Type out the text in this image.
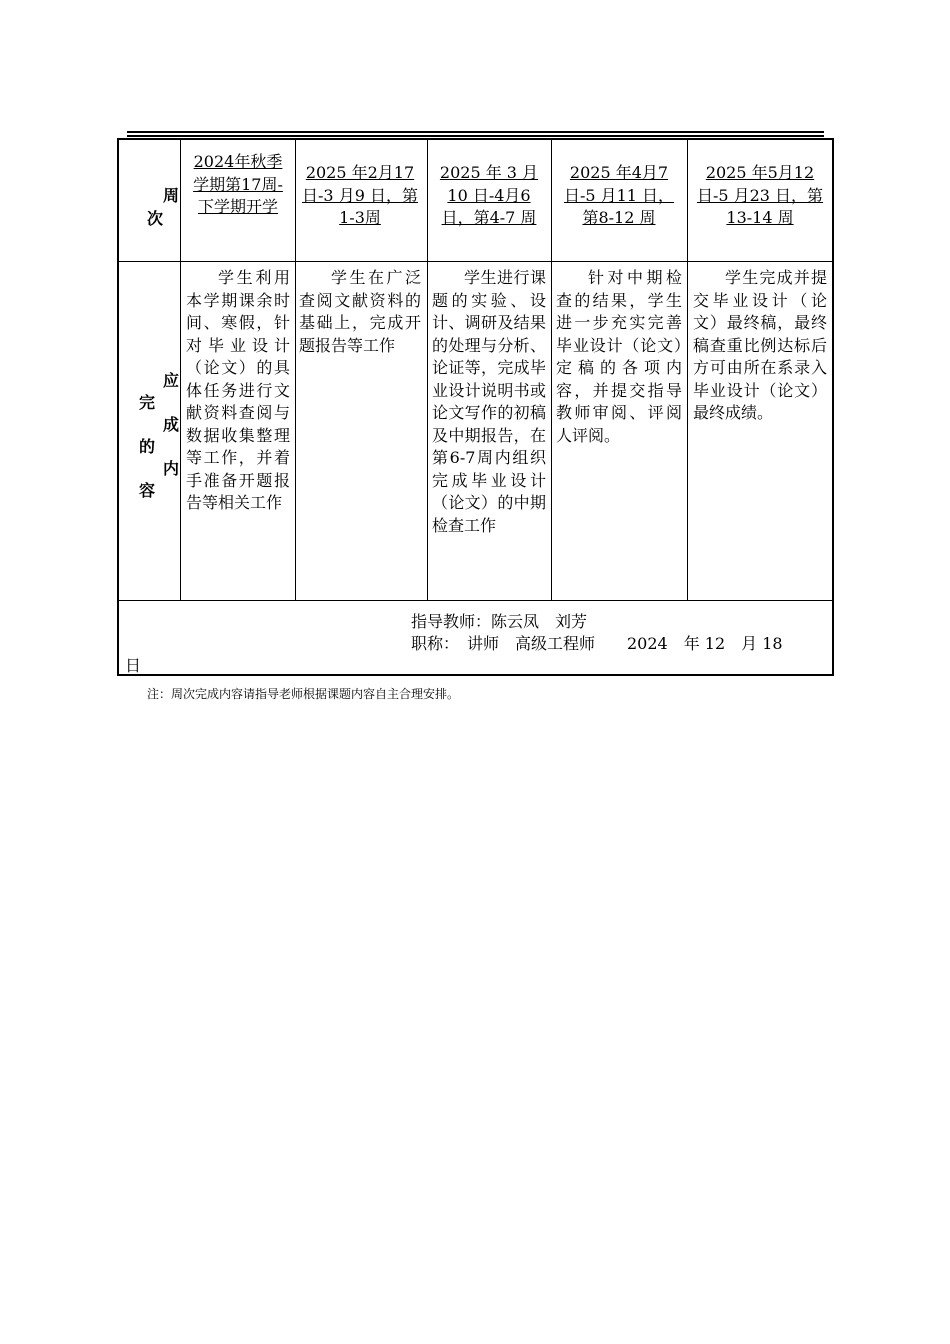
周
次
2024年秋季学期第17周-下学期开学
2025 年2月17 日-3 月9 日，第1-3周
2025 年 3 月10 日-4月6 日，第4-7 周
2025 年4月7 日-5 月11 日，第8-12 周
2025 年5月12 日-5 月23 日，第13-14 周
应
完
成
的
内
容
学生利用本学期课余时间、寒假，针对毕业设计（论文）的具体任务进行文献资料查阅与数据收集整理等工作，并着手准备开题报告等相关工作
学生在广泛查阅文献资料的基础上，完成开题报告等工作
学生进行课题的实验、设计、调研及结果的处理与分析、论证等，完成毕业设计说明书或论文写作的初稿及中期报告，在第6-7周内组织完成毕业设计（论文）的中期检查工作
针对中期检查的结果，学生进一步充实完善毕业设计（论文）定稿的各项内容，并提交指导教师审阅、评阅人评阅。
学生完成并提交毕业设计（论文）最终稿，最终稿查重比例达标后方可由所在系录入毕业设计（论文）最终成绩。
指导教师：陈云凤　刘芳
职称：　讲师　高级工程师　　2024　年 12　月 18
日
注：周次完成内容请指导老师根据课题内容自主合理安排。
